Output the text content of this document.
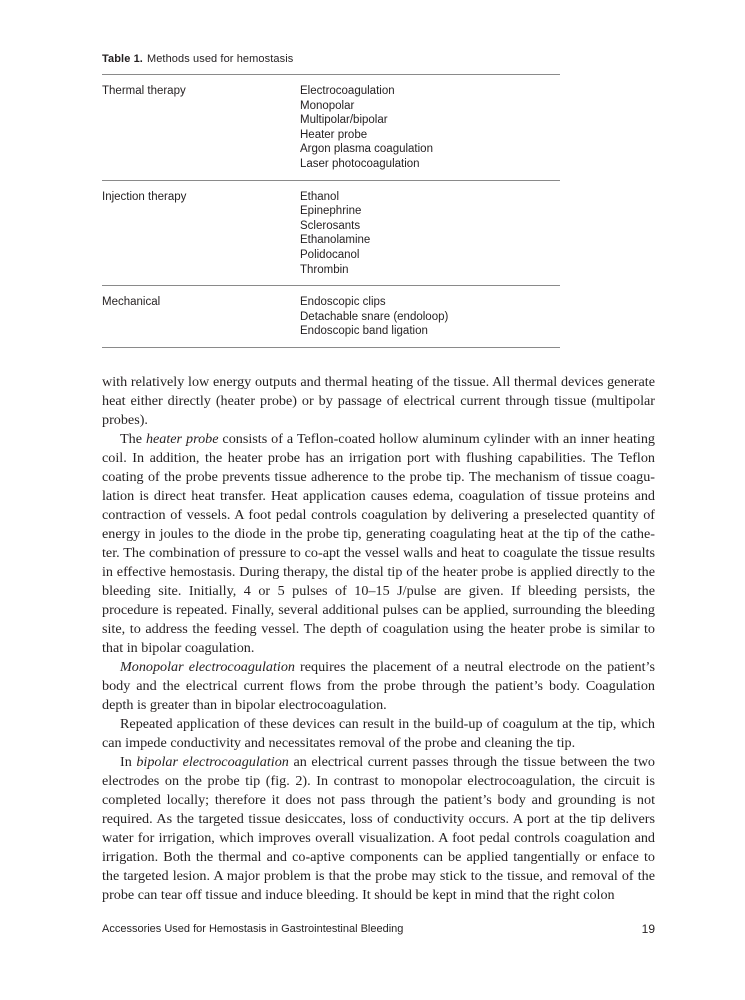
Table 1. Methods used for hemostasis
Thermal therapy	Electrocoagulation
Monopolar
Multipolar/bipolar
Heater probe
Argon plasma coagulation
Laser photocoagulation
Injection therapy	Ethanol
Epinephrine
Sclerosants
Ethanolamine
Polidocanol
Thrombin
Mechanical	Endoscopic clips
Detachable snare (endoloop)
Endoscopic band ligation

with relatively low energy outputs and thermal heating of the tissue. All thermal devices generate heat either directly (heater probe) or by passage of electrical current through tissue (multipolar probes).

The heater probe consists of a Teflon-coated hollow aluminum cylinder with an inner heating coil. In addition, the heater probe has an irrigation port with flushing capabilities. The Teflon coating of the probe prevents tissue adherence to the probe tip. The mechanism of tissue coagulation is direct heat transfer. Heat application causes edema, coagulation of tissue proteins and contraction of vessels. A foot pedal controls coagulation by delivering a preselected quantity of energy in joules to the diode in the probe tip, generating coagulating heat at the tip of the catheter. The combination of pressure to co-apt the vessel walls and heat to coagulate the tissue results in effective hemostasis. During therapy, the distal tip of the heater probe is applied directly to the bleeding site. Initially, 4 or 5 pulses of 10–15 J/pulse are given. If bleeding persists, the procedure is repeated. Finally, several additional pulses can be applied, surrounding the bleeding site, to address the feeding vessel. The depth of coagulation using the heater probe is similar to that in bipolar coagulation.

Monopolar electrocoagulation requires the placement of a neutral electrode on the patient’s body and the electrical current flows from the probe through the patient’s body. Coagulation depth is greater than in bipolar electrocoagulation.

Repeated application of these devices can result in the build-up of coagulum at the tip, which can impede conductivity and necessitates removal of the probe and cleaning the tip.

In bipolar electrocoagulation an electrical current passes through the tissue between the two electrodes on the probe tip (fig. 2). In contrast to monopolar electrocoagulation, the circuit is completed locally; therefore it does not pass through the patient’s body and grounding is not required. As the targeted tissue desiccates, loss of conductivity occurs. A port at the tip delivers water for irrigation, which improves overall visualization. A foot pedal controls coagulation and irrigation. Both the thermal and co-aptive components can be applied tangentially or enface to the targeted lesion. A major problem is that the probe may stick to the tissue, and removal of the probe can tear off tissue and induce bleeding. It should be kept in mind that the right colon

Accessories Used for Hemostasis in Gastrointestinal Bleeding	19
